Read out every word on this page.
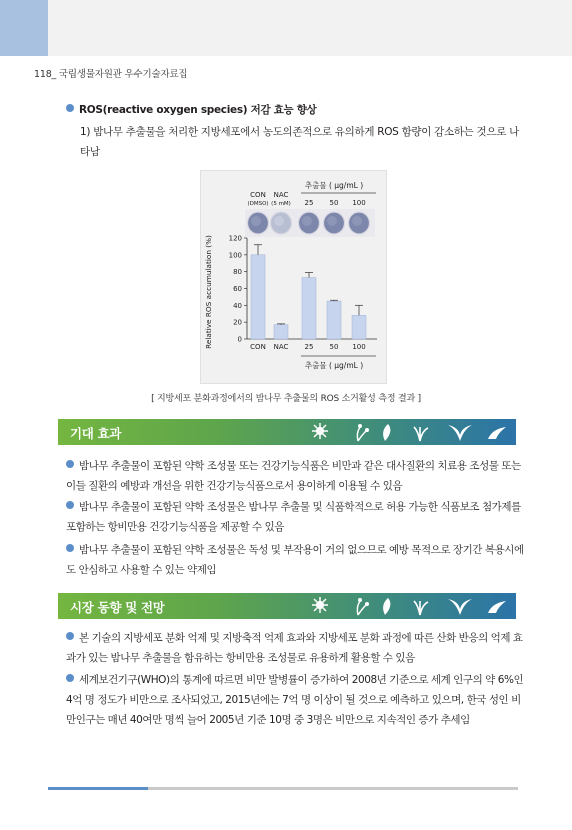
118_ 국립생물자원관 우수기술자료집
ROS(reactive oxygen species) 저감 효능 향상
1) 밤나무 추출물을 처리한 지방세포에서 농도의존적으로 유의하게 ROS 함량이 감소하는 것으로 나타남
추출물 ( μg/mL )
CON
(DMSO)
NAC
(5 mM) 25 50 100
Relative ROS accumulation (%)	0
20
40
60
80
100
120
CON NAC 25 50 100
추출물 ( μg/mL )
[ 지방세포 분화과정에서의 밤나무 추출물의 ROS 소거활성 측정 결과 ]
기대 효과
밤나무 추출물이 포함된 약학 조성물 또는 건강기능식품은 비만과 같은 대사질환의 치료용 조성물 또는 이들 질환의 예방과 개선을 위한 건강기능식품으로서 용이하게 이용될 수 있음
밤나무 추출물이 포함된 약학 조성물은 밤나무 추출물 및 식품학적으로 허용 가능한 식품보조 첨가제를 포함하는 항비만용 건강기능식품을 제공할 수 있음
밤나무 추출물이 포함된 약학 조성물은 독성 및 부작용이 거의 없으므로 예방 목적으로 장기간 복용시에도 안심하고 사용할 수 있는 약제임
시장 동향 및 전망
본 기술의 지방세포 분화 억제 및 지방축적 억제 효과와 지방세포 분화 과정에 따른 산화 반응의 억제 효과가 있는 밤나무 추출물을 함유하는 항비만용 조성물로 유용하게 활용할 수 있음
세계보건기구(WHO)의 통계에 따르면 비만 발병률이 증가하여 2008년 기준으로 세계 인구의 약 6%인 4억 명 정도가 비만으로 조사되었고, 2015년에는 7억 명 이상이 될 것으로 예측하고 있으며, 한국 성인 비만인구는 매년 40여만 명씩 늘어 2005년 기준 10명 중 3명은 비만으로 지속적인 증가 추세임
